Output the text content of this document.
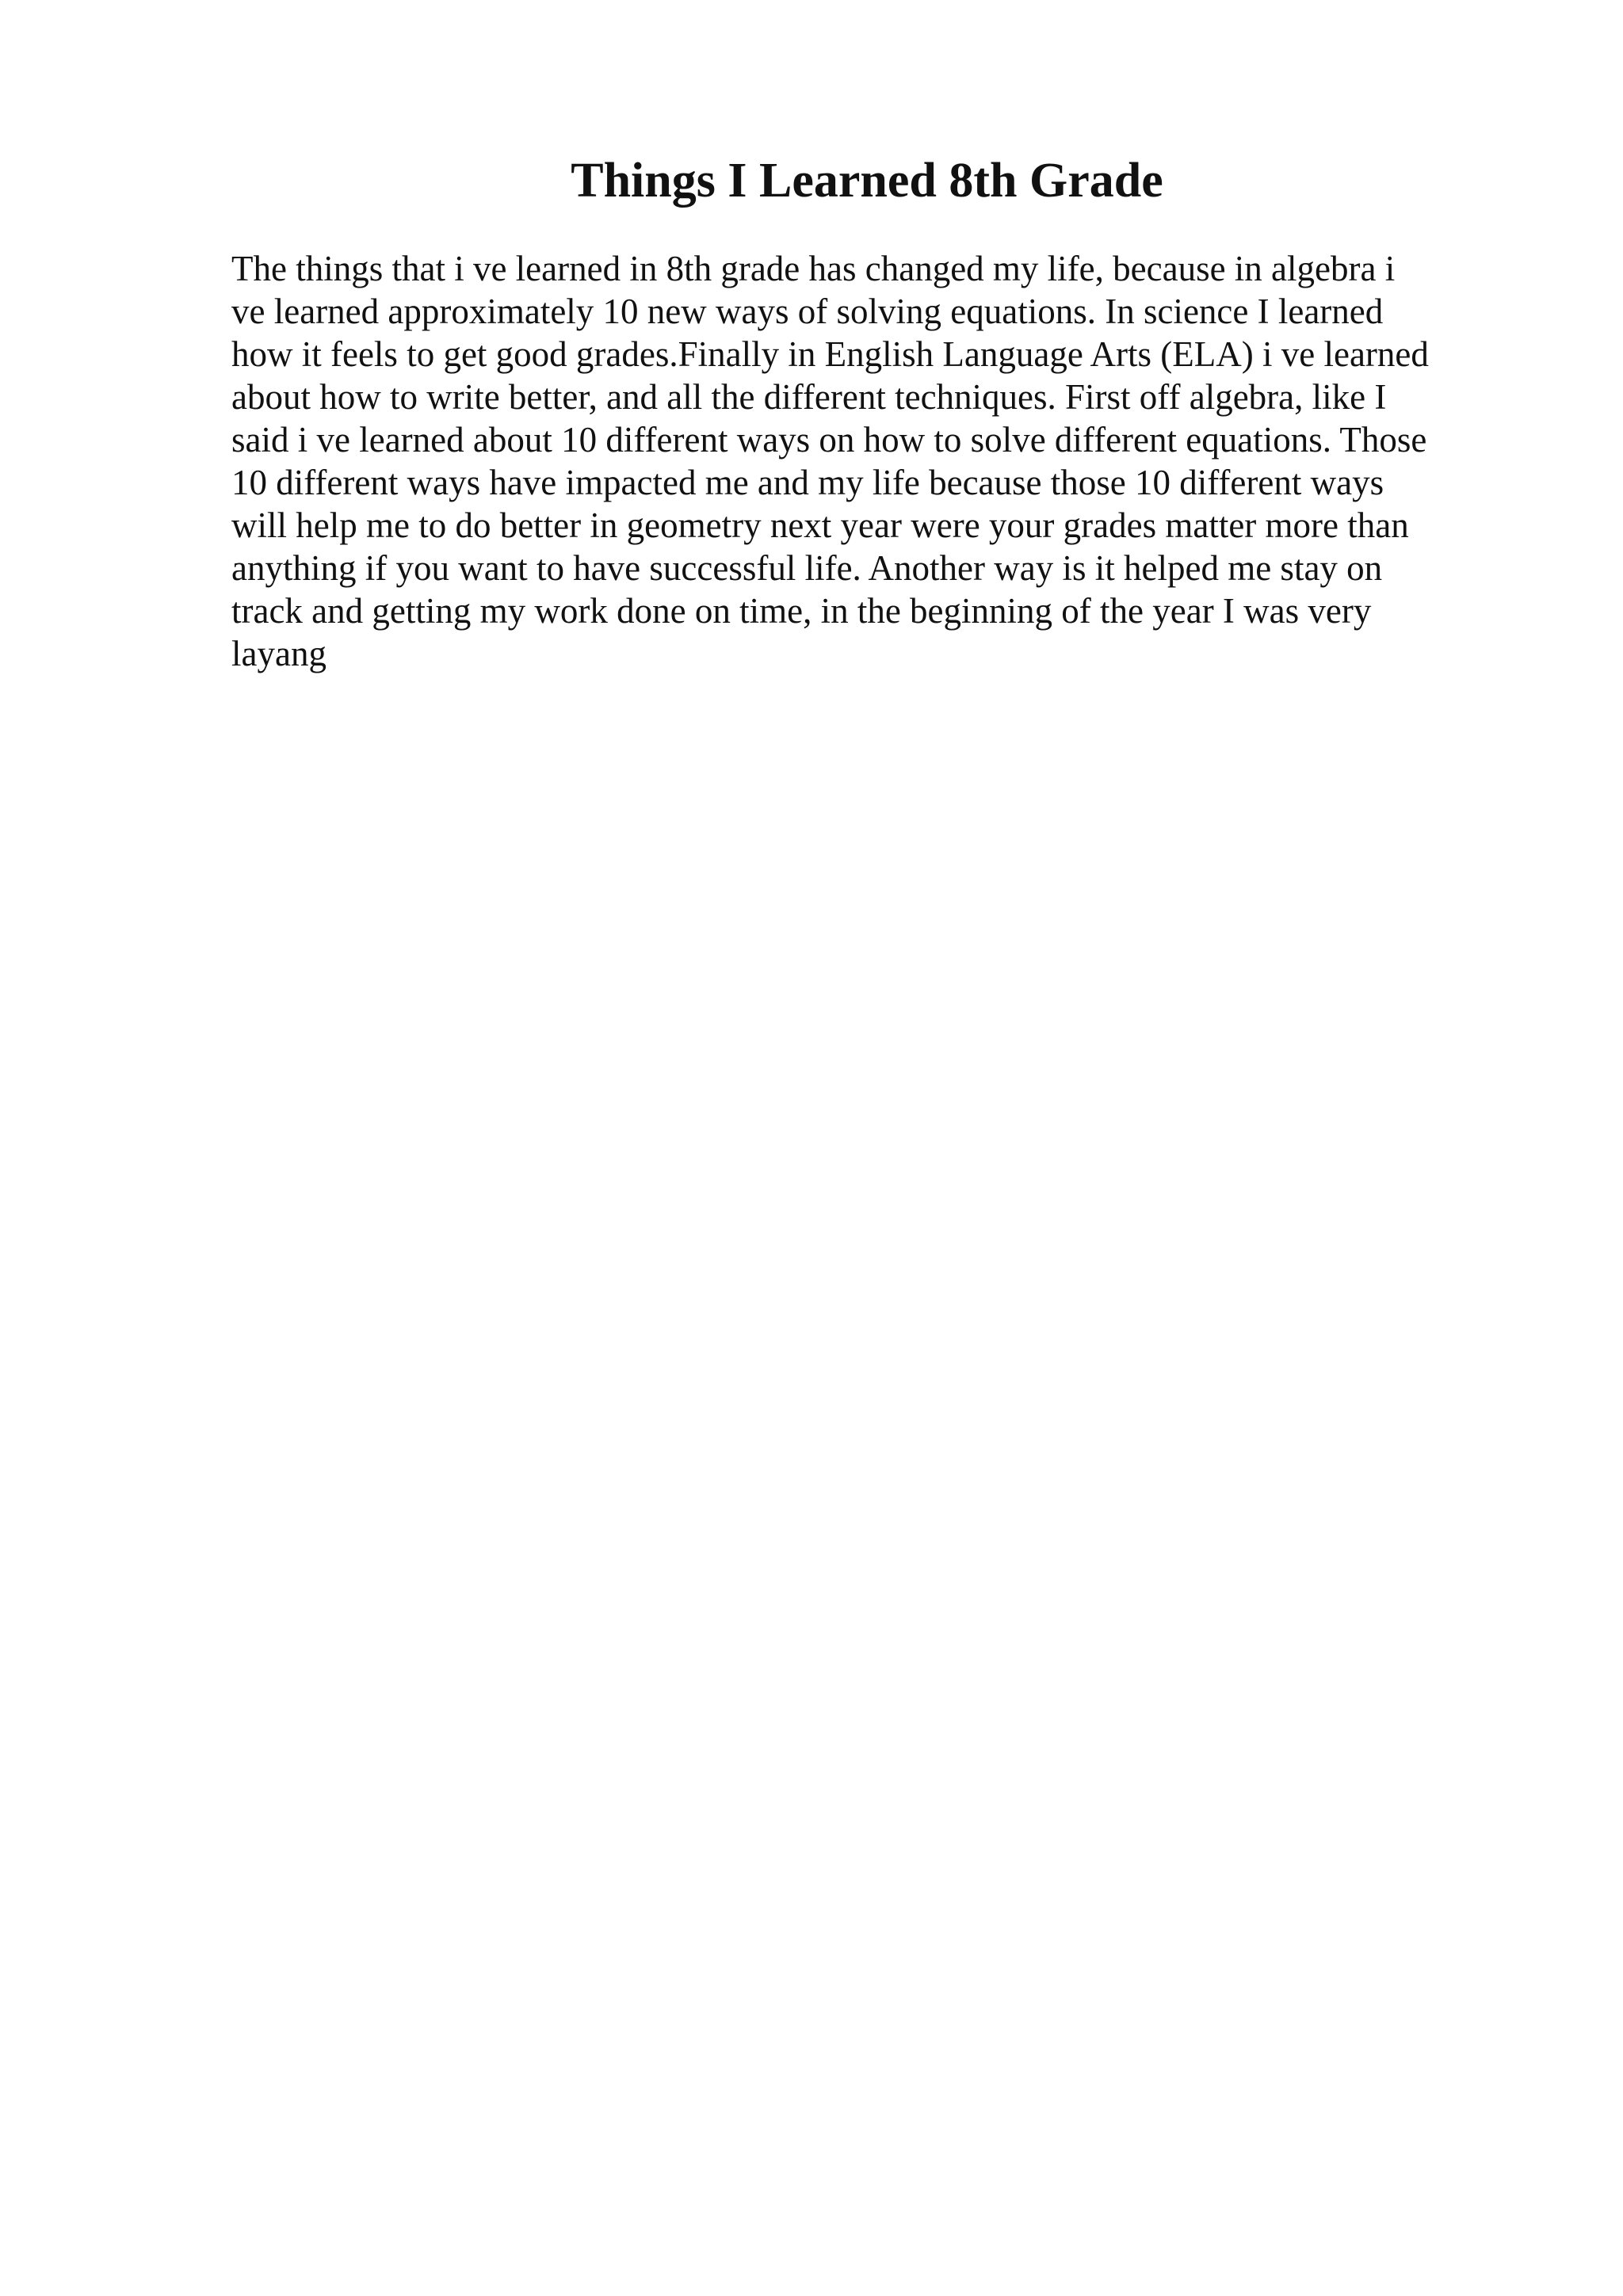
Things I Learned 8th Grade
The things that i ve learned in 8th grade has changed my life, because in algebra i
ve learned approximately 10 new ways of solving equations. In science I learned
how it feels to get good grades.Finally in English Language Arts (ELA) i ve learned
about how to write better, and all the different techniques. First off algebra, like I
said i ve learned about 10 different ways on how to solve different equations. Those
10 different ways have impacted me and my life because those 10 different ways
will help me to do better in geometry next year were your grades matter more than
anything if you want to have successful life. Another way is it helped me stay on
track and getting my work done on time, in the beginning of the year I was very
layang
